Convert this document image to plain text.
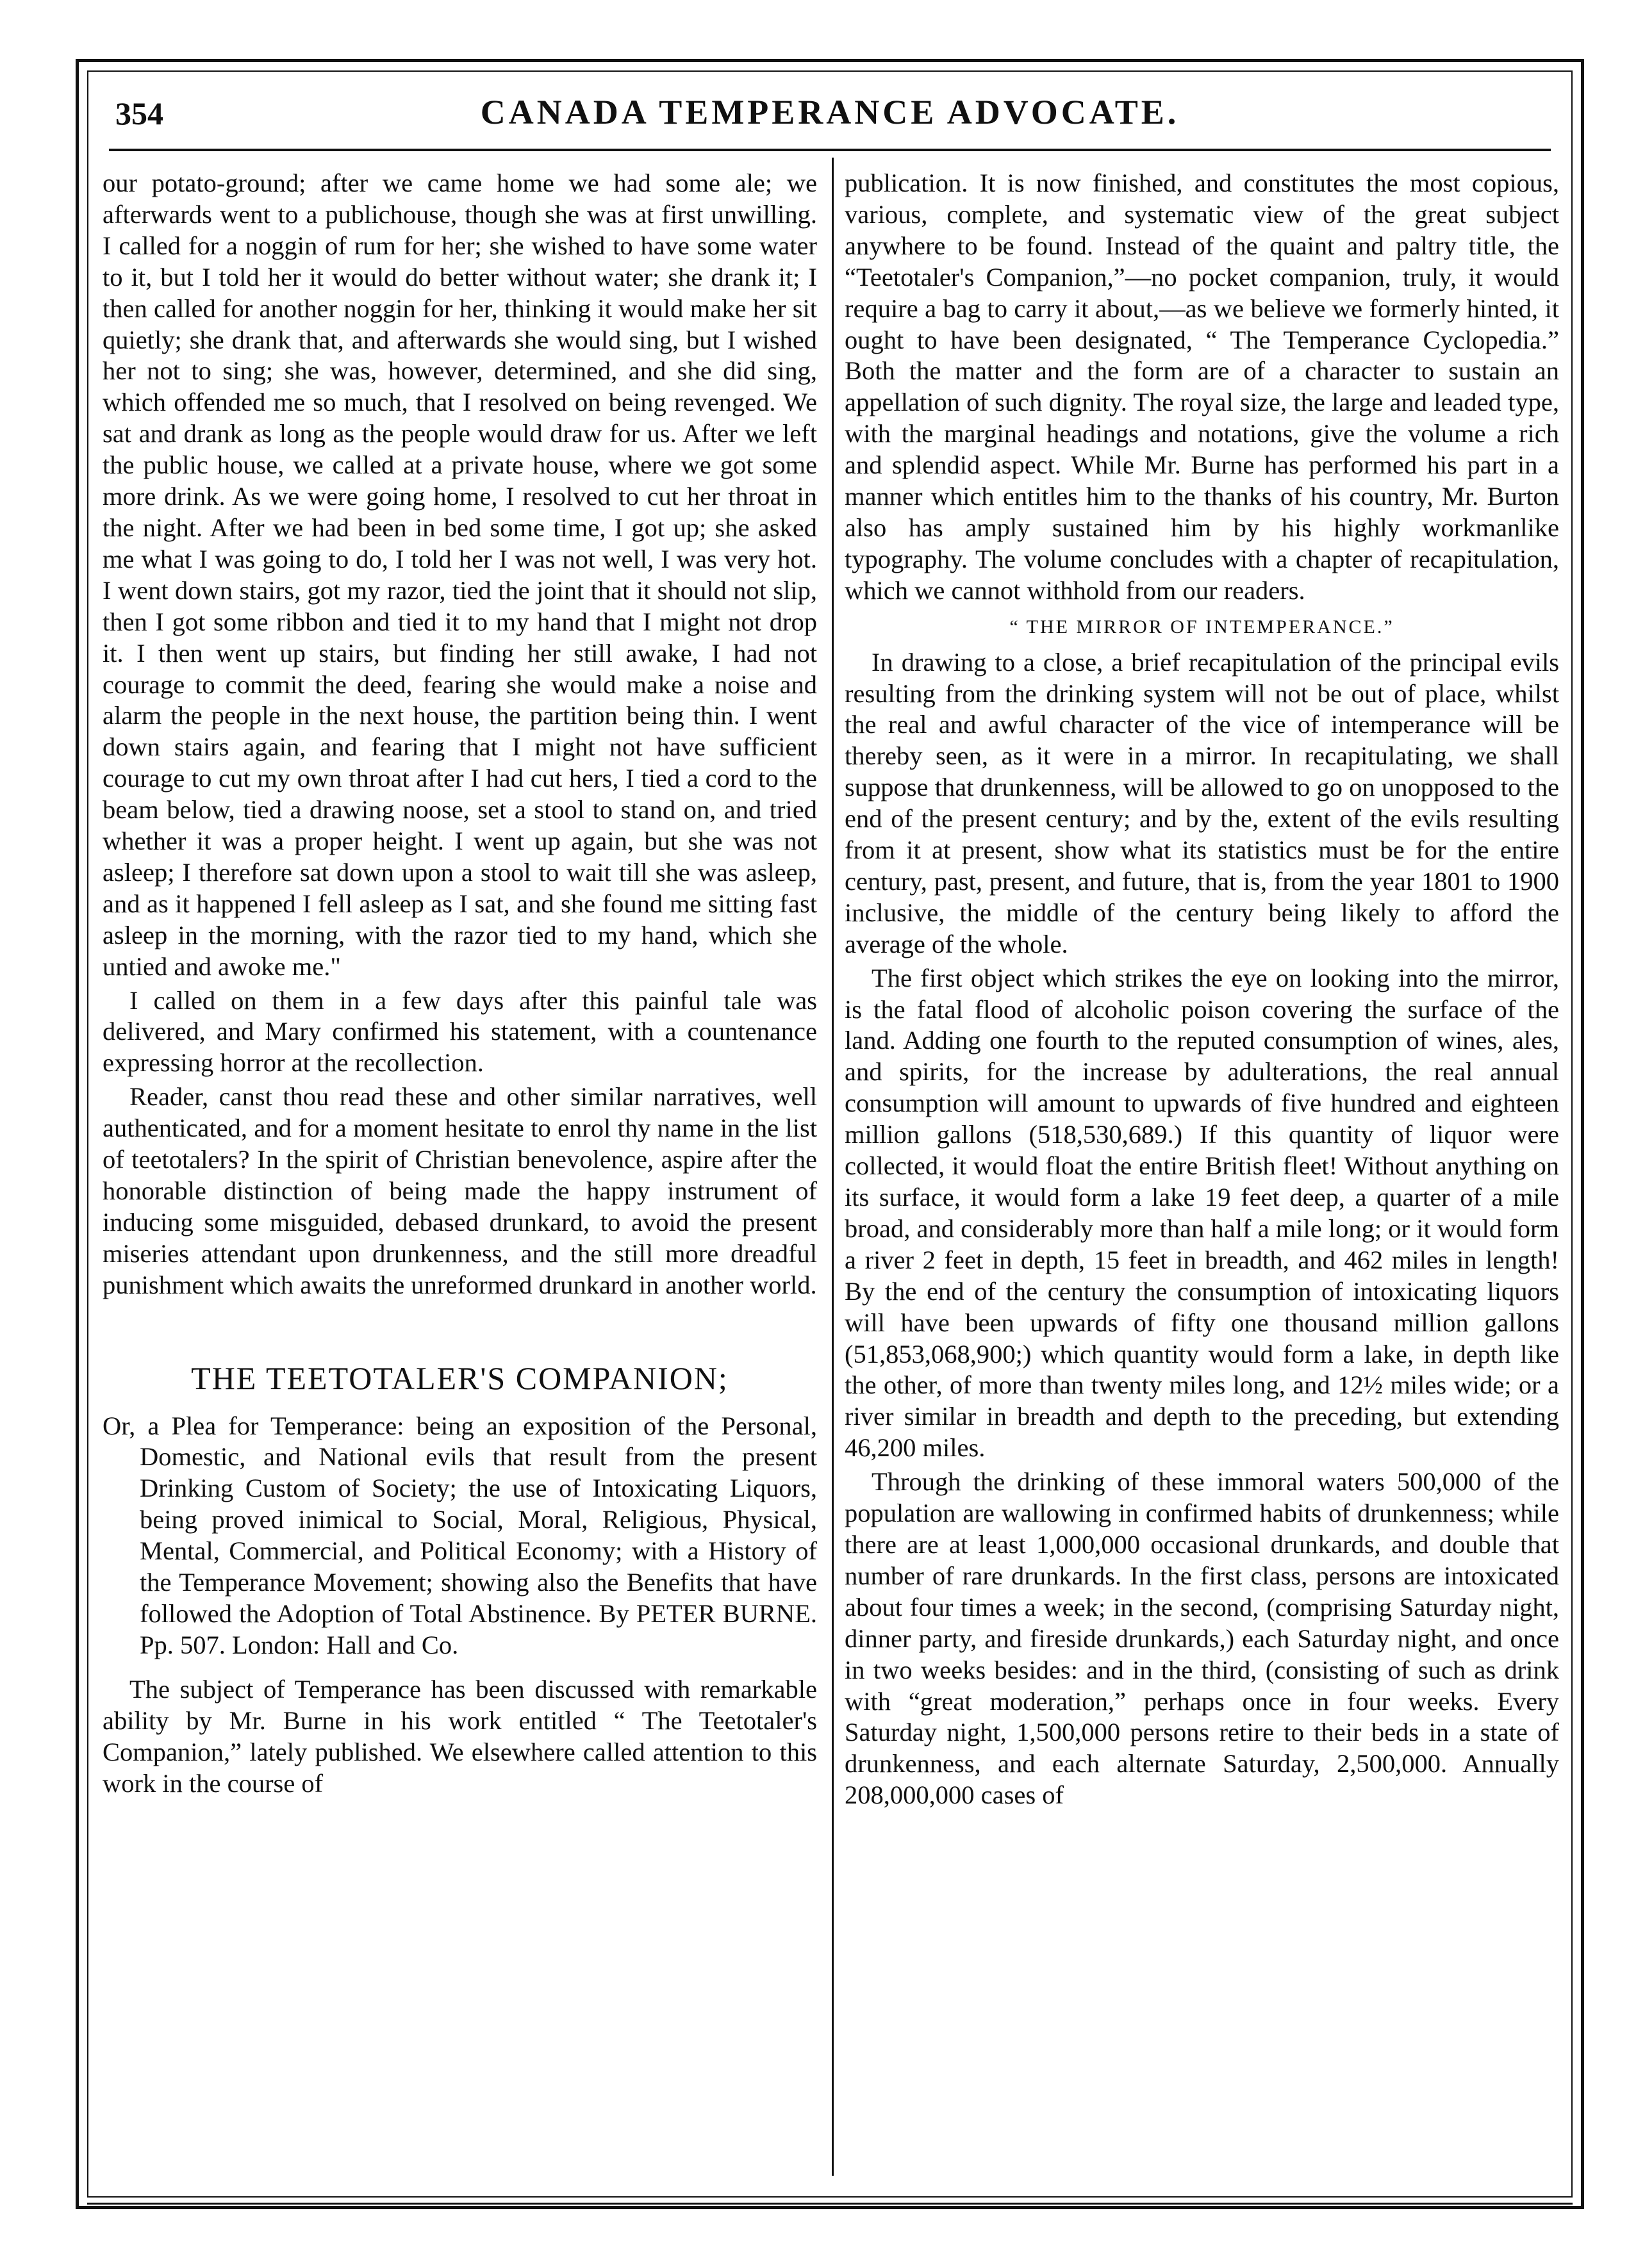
354	CANADA TEMPERANCE ADVOCATE.

our potato-ground; after we came home we had some ale; we afterwards went to a publichouse, though she was at first unwilling. I called for a noggin of rum for her; she wished to have some water to it, but I told her it would do better without water; she drank it; I then called for another noggin for her, thinking it would make her sit quietly; she drank that, and afterwards she would sing, but I wished her not to sing; she was, however, determined, and she did sing, which offended me so much, that I resolved on being revenged. We sat and drank as long as the people would draw for us. After we left the public house, we called at a private house, where we got some more drink. As we were going home, I resolved to cut her throat in the night. After we had been in bed some time, I got up; she asked me what I was going to do, I told her I was not well, I was very hot. I went down stairs, got my razor, tied the joint that it should not slip, then I got some ribbon and tied it to my hand that I might not drop it. I then went up stairs, but finding her still awake, I had not courage to commit the deed, fearing she would make a noise and alarm the people in the next house, the partition being thin. I went down stairs again, and fearing that I might not have sufficient courage to cut my own throat after I had cut hers, I tied a cord to the beam below, tied a drawing noose, set a stool to stand on, and tried whether it was a proper height. I went up again, but she was not asleep; I therefore sat down upon a stool to wait till she was asleep, and as it happened I fell asleep as I sat, and she found me sitting fast asleep in the morning, with the razor tied to my hand, which she untied and awoke me."

I called on them in a few days after this painful tale was delivered, and Mary confirmed his statement, with a countenance expressing horror at the recollection.

Reader, canst thou read these and other similar narratives, well authenticated, and for a moment hesitate to enrol thy name in the list of teetotalers? In the spirit of Christian benevolence, aspire after the honorable distinction of being made the happy instrument of inducing some misguided, debased drunkard, to avoid the present miseries attendant upon drunkenness, and the still more dreadful punishment which awaits the unreformed drunkard in another world.

THE TEETOTALER'S COMPANION;

Or, a Plea for Temperance: being an exposition of the Personal, Domestic, and National evils that result from the present Drinking Custom of Society; the use of Intoxicating Liquors, being proved inimical to Social, Moral, Religious, Physical, Mental, Commercial, and Political Economy; with a History of the Temperance Movement; showing also the Benefits that have followed the Adoption of Total Abstinence. By PETER BURNE. Pp. 507. London: Hall and Co.

The subject of Temperance has been discussed with remarkable ability by Mr. Burne in his work entitled “ The Teetotaler's Companion,” lately published. We elsewhere called attention to this work in the course of

publication. It is now finished, and constitutes the most copious, various, complete, and systematic view of the great subject anywhere to be found. Instead of the quaint and paltry title, the “Teetotaler's Companion,”—no pocket companion, truly, it would require a bag to carry it about,—as we believe we formerly hinted, it ought to have been designated, “ The Temperance Cyclopedia.” Both the matter and the form are of a character to sustain an appellation of such dignity. The royal size, the large and leaded type, with the marginal headings and notations, give the volume a rich and splendid aspect. While Mr. Burne has performed his part in a manner which entitles him to the thanks of his country, Mr. Burton also has amply sustained him by his highly workmanlike typography. The volume concludes with a chapter of recapitulation, which we cannot withhold from our readers.

“ THE MIRROR OF INTEMPERANCE.”

In drawing to a close, a brief recapitulation of the principal evils resulting from the drinking system will not be out of place, whilst the real and awful character of the vice of intemperance will be thereby seen, as it were in a mirror. In recapitulating, we shall suppose that drunkenness, will be allowed to go on unopposed to the end of the present century; and by the, extent of the evils resulting from it at present, show what its statistics must be for the entire century, past, present, and future, that is, from the year 1801 to 1900 inclusive, the middle of the century being likely to afford the average of the whole.

The first object which strikes the eye on looking into the mirror, is the fatal flood of alcoholic poison covering the surface of the land. Adding one fourth to the reputed consumption of wines, ales, and spirits, for the increase by adulterations, the real annual consumption will amount to upwards of five hundred and eighteen million gallons (518,530,689.) If this quantity of liquor were collected, it would float the entire British fleet! Without anything on its surface, it would form a lake 19 feet deep, a quarter of a mile broad, and considerably more than half a mile long; or it would form a river 2 feet in depth, 15 feet in breadth, and 462 miles in length! By the end of the century the consumption of intoxicating liquors will have been upwards of fifty one thousand million gallons (51,853,068,900;) which quantity would form a lake, in depth like the other, of more than twenty miles long, and 12½ miles wide; or a river similar in breadth and depth to the preceding, but extending 46,200 miles.

Through the drinking of these immoral waters 500,000 of the population are wallowing in confirmed habits of drunkenness; while there are at least 1,000,000 occasional drunkards, and double that number of rare drunkards. In the first class, persons are intoxicated about four times a week; in the second, (comprising Saturday night, dinner party, and fireside drunkards,) each Saturday night, and once in two weeks besides: and in the third, (consisting of such as drink with “great moderation,” perhaps once in four weeks. Every Saturday night, 1,500,000 persons retire to their beds in a state of drunkenness, and each alternate Saturday, 2,500,000. Annually 208,000,000 cases of
